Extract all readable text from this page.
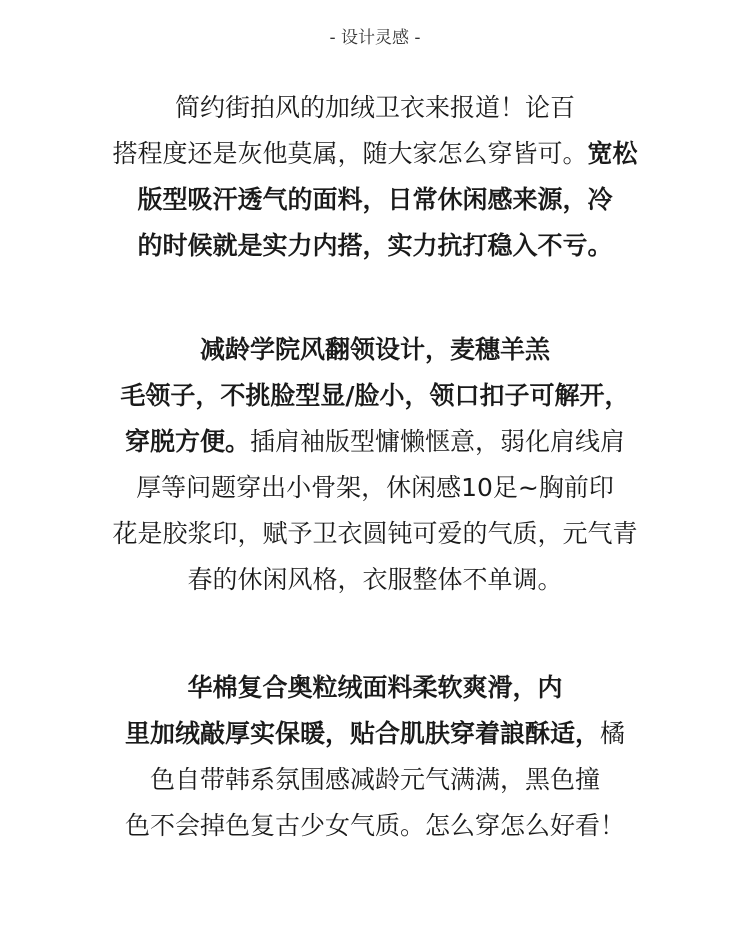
- 设计灵感 -
简约街拍风的加绒卫衣来报道！论百
搭程度还是灰他莫属，随大家怎么穿皆可。宽松
版型吸汗透气的面料，日常休闲感来源，冷
的时候就是实力内搭，实力抗打稳入不亏。
减龄学院风翻领设计，麦穗羊羔
毛领子，不挑脸型显/脸小，领口扣子可解开，
穿脱方便。插肩袖版型慵懒惬意，弱化肩线肩
厚等问题穿出小骨架，休闲感10足~胸前印
花是胶浆印，赋予卫衣圆钝可爱的气质，元气青
春的休闲风格，衣服整体不单调。
华棉复合奥粒绒面料柔软爽滑，内
里加绒敲厚实保暖，贴合肌肤穿着誏酥适，橘
色自带韩系氛围感减龄元气满满，黑色撞
色不会掉色复古少女气质。怎么穿怎么好看！
